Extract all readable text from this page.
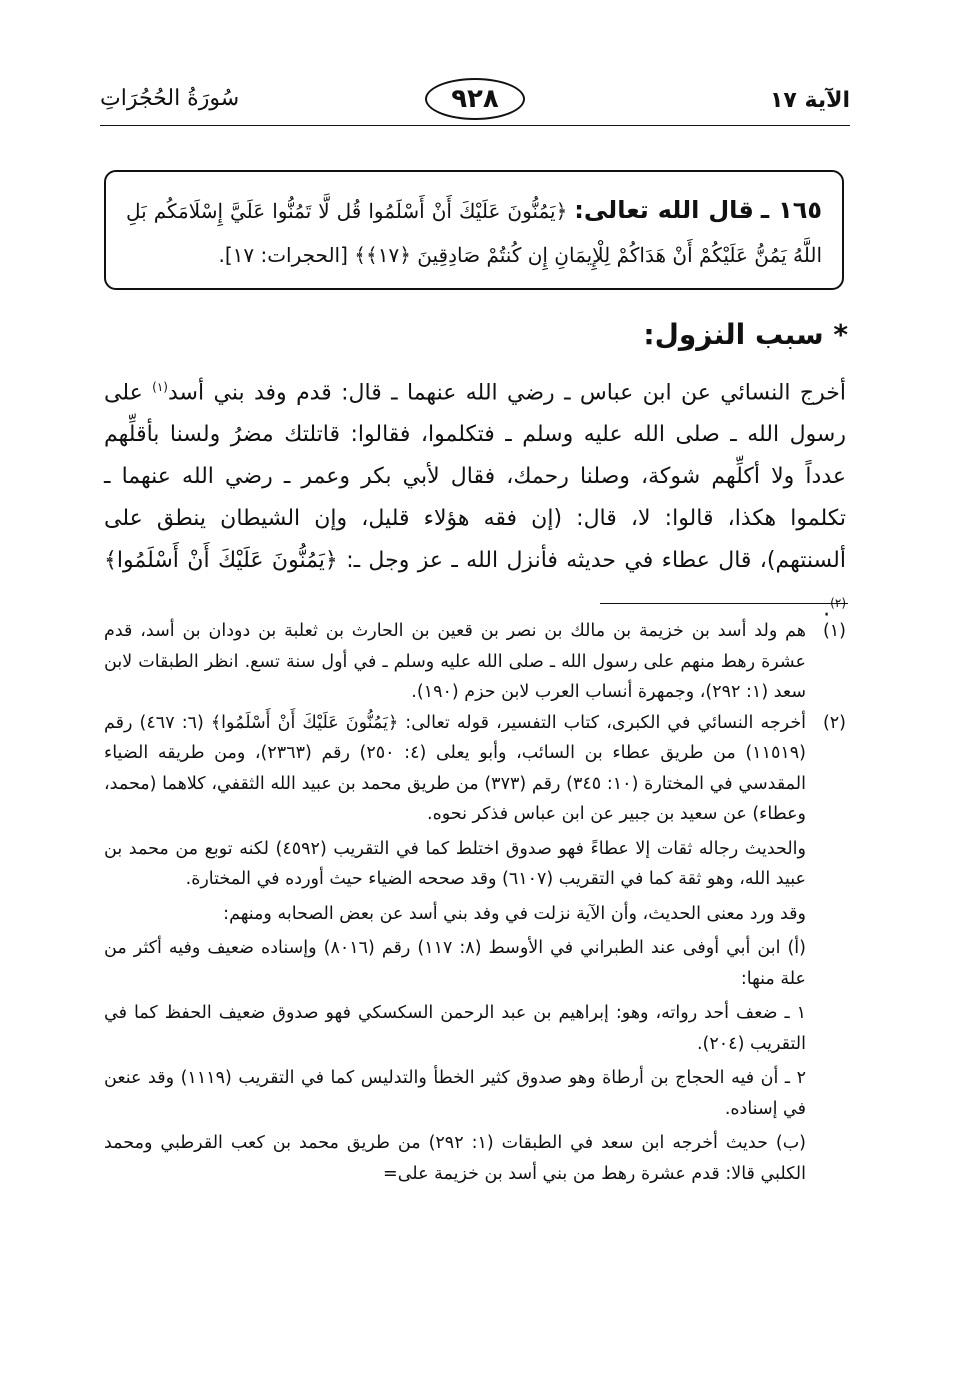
الآية ١٧
٩٢٨
سُورَةُ الحُجُرَاتِ
١٦٥ ـ قال الله تعالى: ﴿يَمُنُّونَ عَلَيْكَ أَنْ أَسْلَمُوا قُل لَّا تَمُنُّوا عَلَيَّ إِسْلَامَكُم بَلِ اللَّهُ يَمُنُّ عَلَيْكُمْ أَنْ هَدَاكُمْ لِلْإِيمَانِ إِن كُنتُمْ صَادِقِينَ ﴿١٧﴾﴾ [الحجرات: ١٧].
* سبب النزول:
أخرج النسائي عن ابن عباس ـ رضي الله عنهما ـ قال: قدم وفد بني أسد$^{(١)}$ على رسول الله ـ صلى الله عليه وسلم ـ فتكلموا، فقالوا: قاتلتك مضرُ ولسنا بأقلِّهم عدداً ولا أكلِّهم شوكة، وصلنا رحمك، فقال لأبي بكر وعمر ـ رضي الله عنهما ـ تكلموا هكذا، قالوا: لا، قال: (إن فقه هؤلاء قليل، وإن الشيطان ينطق على ألسنتهم)، قال عطاء في حديثه فأنزل الله ـ عز وجل ـ: ﴿يَمُنُّونَ عَلَيْكَ أَنْ أَسْلَمُوا﴾$^{(٢)}$.
(١)
هم ولد أسد بن خزيمة بن مالك بن نصر بن قعين بن الحارث بن ثعلبة بن دودان بن أسد، قدم عشرة رهط منهم على رسول الله ـ صلى الله عليه وسلم ـ في أول سنة تسع. انظر الطبقات لابن سعد (١: ٢٩٢)، وجمهرة أنساب العرب لابن حزم (١٩٠).
(٢)
أخرجه النسائي في الكبرى، كتاب التفسير، قوله تعالى: ﴿يَمُنُّونَ عَلَيْكَ أَنْ أَسْلَمُوا﴾ (٦: ٤٦٧) رقم (١١٥١٩) من طريق عطاء بن السائب، وأبو يعلى (٤: ٢٥٠) رقم (٢٣٦٣)، ومن طريقه الضياء المقدسي في المختارة (١٠: ٣٤٥) رقم (٣٧٣) من طريق محمد بن عبيد الله الثقفي، كلاهما (محمد، وعطاء) عن سعيد بن جبير عن ابن عباس فذكر نحوه.
والحديث رجاله ثقات إلا عطاءً فهو صدوق اختلط كما في التقريب (٤٥٩٢) لكنه توبع من محمد بن عبيد الله، وهو ثقة كما في التقريب (٦١٠٧) وقد صححه الضياء حيث أورده في المختارة.
وقد ورد معنى الحديث، وأن الآية نزلت في وفد بني أسد عن بعض الصحابه ومنهم:
(أ) ابن أبي أوفى عند الطبراني في الأوسط (٨: ١١٧) رقم (٨٠١٦) وإسناده ضعيف وفيه أكثر من علة منها:
١ ـ ضعف أحد رواته، وهو: إبراهيم بن عبد الرحمن السكسكي فهو صدوق ضعيف الحفظ كما في التقريب (٢٠٤).
٢ ـ أن فيه الحجاج بن أرطاة وهو صدوق كثير الخطأ والتدليس كما في التقريب (١١١٩) وقد عنعن في إسناده.
(ب) حديث أخرجه ابن سعد في الطبقات (١: ٢٩٢) من طريق محمد بن كعب القرطبي ومحمد الكلبي قالا: قدم عشرة رهط من بني أسد بن خزيمة على=
